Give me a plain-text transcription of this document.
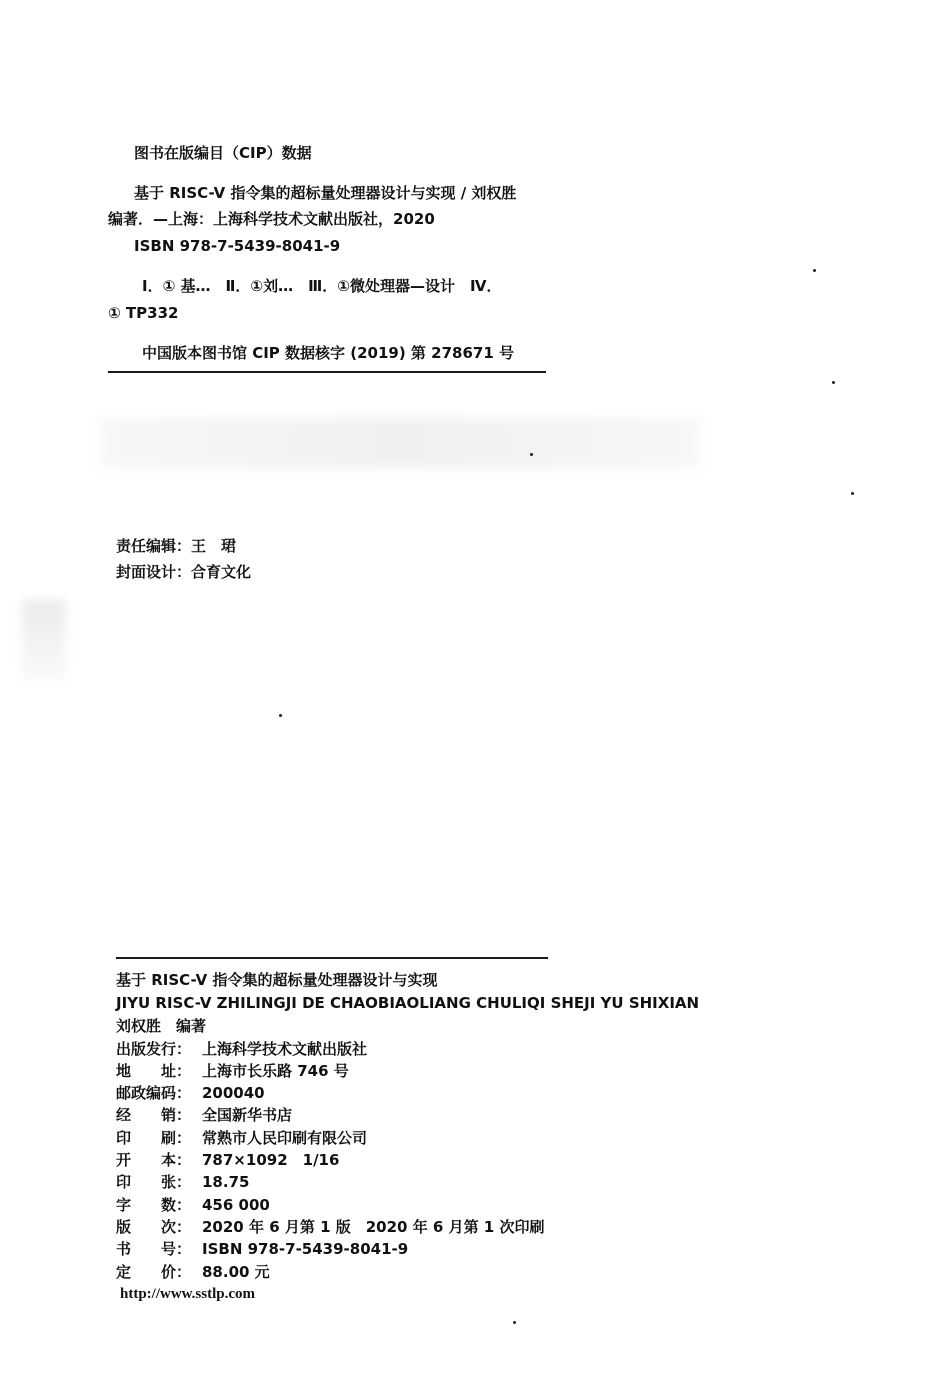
图书在版编目（CIP）数据
基于 RISC-V 指令集的超标量处理器设计与实现 / 刘权胜
编著．—上海：上海科学技术文献出版社，2020
ISBN 978-7-5439-8041-9
Ⅰ．① 基…　Ⅱ．①刘…　Ⅲ．①微处理器—设计　Ⅳ．
① TP332
中国版本图书馆 CIP 数据核字 (2019) 第 278671 号
责任编辑：王　珺
封面设计：合育文化
基于 RISC-V 指令集的超标量处理器设计与实现
JIYU RISC-V ZHILINGJI DE CHAOBIAOLIANG CHULIQI SHEJI YU SHIXIAN
刘权胜　编著
出版发行： 上海科学技术文献出版社
地　　址： 上海市长乐路 746 号
邮政编码： 200040
经　　销： 全国新华书店
印　　刷： 常熟市人民印刷有限公司
开　　本： 787×1092　1/16
印　　张： 18.75
字　　数： 456 000
版　　次： 2020 年 6 月第 1 版　2020 年 6 月第 1 次印刷
书　　号： ISBN 978-7-5439-8041-9
定　　价： 88.00 元
http://www.sstlp.com
